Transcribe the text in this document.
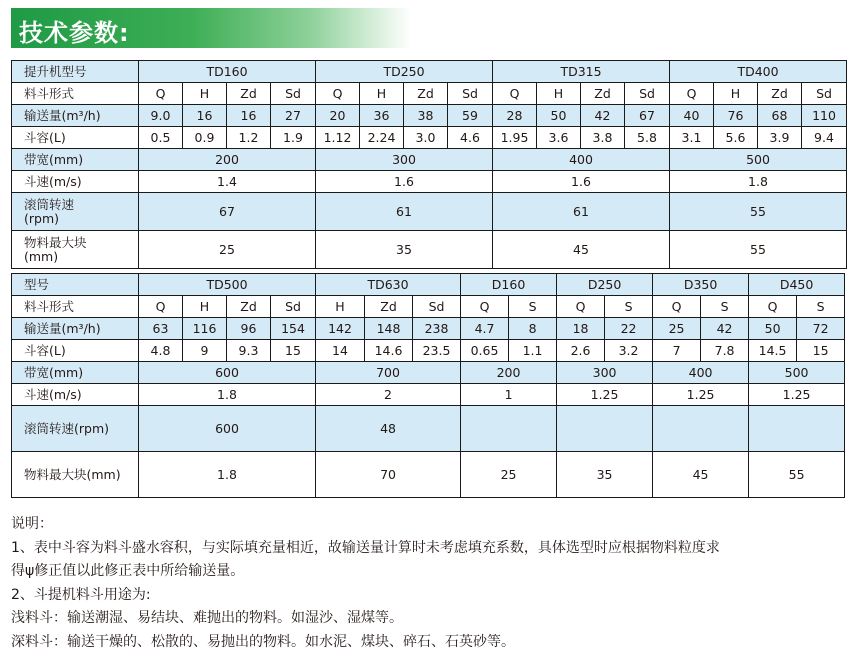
技术参数:
提升机型号	TD160				TD250				TD315				TD400			
料斗形式	Q	H	Zd	Sd	Q	H	Zd	Sd	Q	H	Zd	Sd	Q	H	Zd	Sd
输送量(m³/h)	9.0	16	16	27	20	36	38	59	28	50	42	67	40	76	68	110
斗容(L)	0.5	0.9	1.2	1.9	1.12	2.24	3.0	4.6	1.95	3.6	3.8	5.8	3.1	5.6	3.9	9.4
带宽(mm)	200				300				400				500			
斗速(m/s)	1.4				1.6				1.6				1.8			
滚筒转速(rpm)	67				61				61				55			
物料最大块(mm)	25				35				45				55			
型号	TD500				TD630			D160		D250		D350		D450	
料斗形式	Q	H	Zd	Sd	H	Zd	Sd	Q	S	Q	S	Q	S	Q	S
输送量(m³/h)	63	116	96	154	142	148	238	4.7	8	18	22	25	42	50	72
斗容(L)	4.8	9	9.3	15	14	14.6	23.5	0.65	1.1	2.6	3.2	7	7.8	14.5	15
带宽(mm)	600				700			200		300		400		500	
斗速(m/s)	1.8				2			1		1.25		1.25		1.25	
滚筒转速(rpm)	600				48										
物料最大块(mm)	1.8				70			25		35		45		55	

说明：

1、表中斗容为料斗盛水容积，与实际填充量相近，故输送量计算时未考虑填充系数，具体选型时应根据物料粒度求

得ψ修正值以此修正表中所给输送量。

2、斗提机料斗用途为:

浅料斗：输送潮湿、易结块、难抛出的物料。如湿沙、湿煤等。

深料斗：输送干燥的、松散的、易抛出的物料。如水泥、煤块、碎石、石英砂等。
